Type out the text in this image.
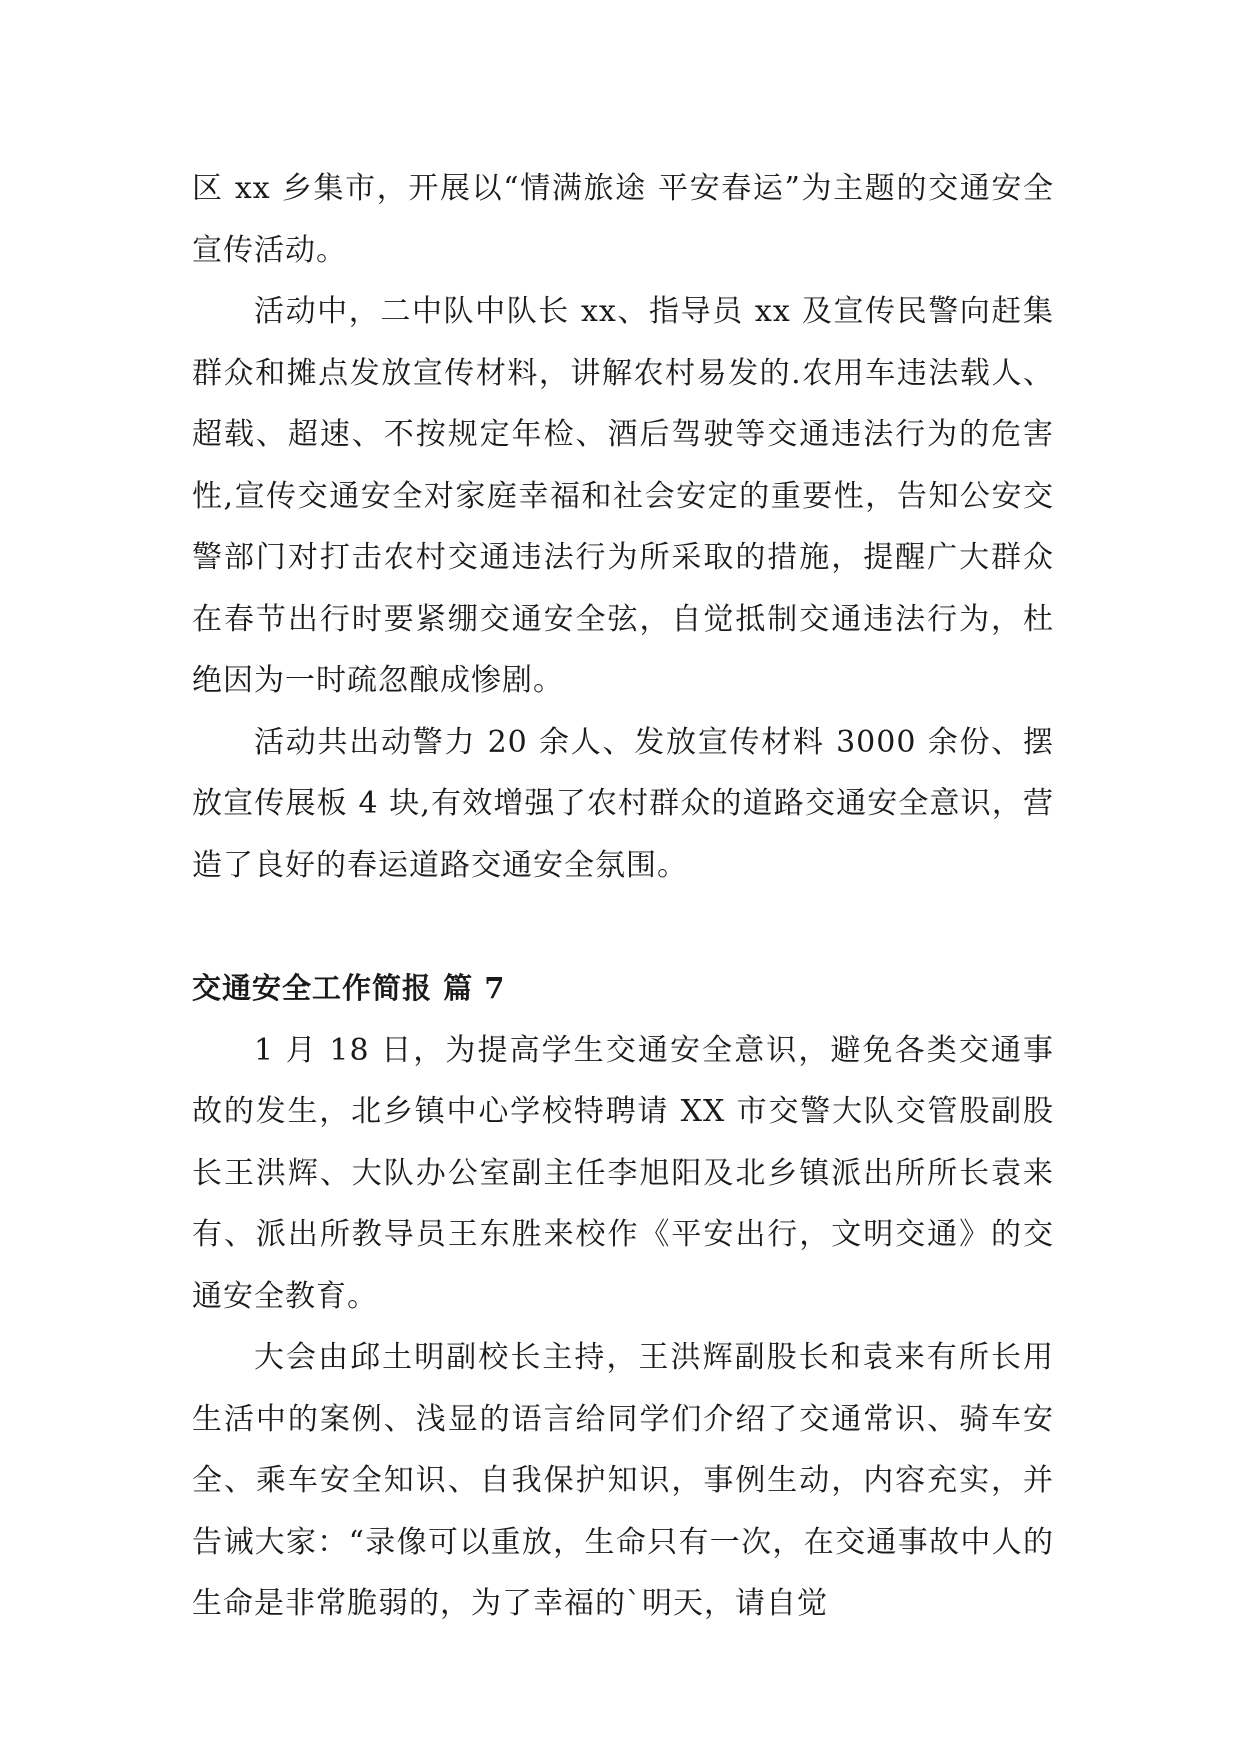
区 xx 乡集市，开展以“情满旅途 平安春运”为主题的交通安全宣传活动。

活动中，二中队中队长 xx、指导员 xx 及宣传民警向赶集群众和摊点发放宣传材料，讲解农村易发的.农用车违法载人、超载、超速、不按规定年检、酒后驾驶等交通违法行为的危害性,宣传交通安全对家庭幸福和社会安定的重要性，告知公安交警部门对打击农村交通违法行为所采取的措施，提醒广大群众在春节出行时要紧绷交通安全弦，自觉抵制交通违法行为，杜绝因为一时疏忽酿成惨剧。

活动共出动警力 20 余人、发放宣传材料 3000 余份、摆放宣传展板 4 块,有效增强了农村群众的道路交通安全意识，营造了良好的春运道路交通安全氛围。

交通安全工作简报 篇 7

1 月 18 日，为提高学生交通安全意识，避免各类交通事故的发生，北乡镇中心学校特聘请 XX 市交警大队交管股副股长王洪辉、大队办公室副主任李旭阳及北乡镇派出所所长袁来有、派出所教导员王东胜来校作《平安出行，文明交通》的交通安全教育。

大会由邱土明副校长主持，王洪辉副股长和袁来有所长用生活中的案例、浅显的语言给同学们介绍了交通常识、骑车安全、乘车安全知识、自我保护知识，事例生动，内容充实，并告诫大家：“录像可以重放，生命只有一次，在交通事故中人的生命是非常脆弱的，为了幸福的`明天，请自觉
